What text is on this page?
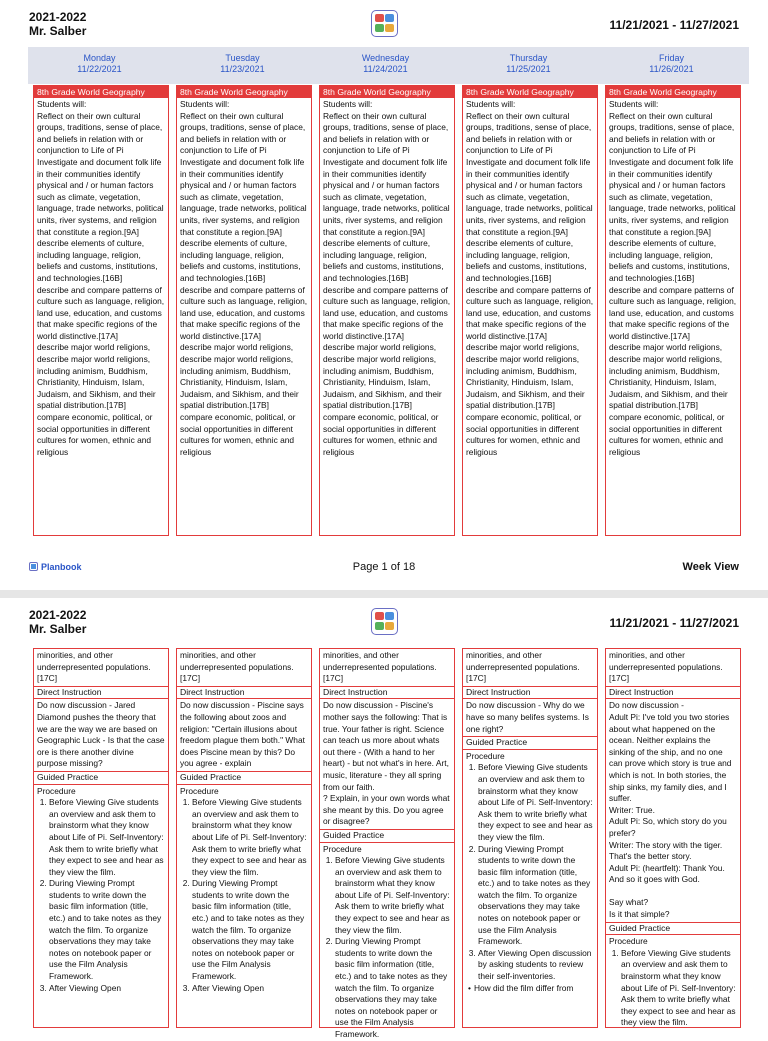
2021-2022
Mr. Salber	11/21/2021 - 11/27/2021
Monday
11/22/2021
Tuesday
11/23/2021
Wednesday
11/24/2021
Thursday
11/25/2021
Friday
11/26/2021
8th Grade World Geography
Students will:
Reflect on their own cultural groups, traditions, sense of place, and beliefs in relation with or conjunction to Life of Pi
Investigate and document folk life in their communities identify physical and / or human factors such as climate, vegetation, language, trade networks, political units, river systems, and religion that constitute a region.[9A]
describe elements of culture, including language, religion, beliefs and customs, institutions, and technologies.[16B]
describe and compare patterns of culture such as language, religion, land use, education, and customs that make specific regions of the world distinctive.[17A]
describe major world religions, describe major world religions, including animism, Buddhism, Christianity, Hinduism, Islam, Judaism, and Sikhism, and their spatial distribution.[17B]
compare economic, political, or social opportunities in different cultures for women, ethnic and religious
8th Grade World Geography
Students will:
Reflect on their own cultural groups, traditions, sense of place, and beliefs in relation with or conjunction to Life of Pi
Investigate and document folk life in their communities identify physical and / or human factors such as climate, vegetation, language, trade networks, political units, river systems, and religion that constitute a region.[9A]
describe elements of culture, including language, religion, beliefs and customs, institutions, and technologies.[16B]
describe and compare patterns of culture such as language, religion, land use, education, and customs that make specific regions of the world distinctive.[17A]
describe major world religions, describe major world religions, including animism, Buddhism, Christianity, Hinduism, Islam, Judaism, and Sikhism, and their spatial distribution.[17B]
compare economic, political, or social opportunities in different cultures for women, ethnic and religious
8th Grade World Geography
Students will:
Reflect on their own cultural groups, traditions, sense of place, and beliefs in relation with or conjunction to Life of Pi
Investigate and document folk life in their communities identify physical and / or human factors such as climate, vegetation, language, trade networks, political units, river systems, and religion that constitute a region.[9A]
describe elements of culture, including language, religion, beliefs and customs, institutions, and technologies.[16B]
describe and compare patterns of culture such as language, religion, land use, education, and customs that make specific regions of the world distinctive.[17A]
describe major world religions, describe major world religions, including animism, Buddhism, Christianity, Hinduism, Islam, Judaism, and Sikhism, and their spatial distribution.[17B]
compare economic, political, or social opportunities in different cultures for women, ethnic and religious
8th Grade World Geography
Students will:
Reflect on their own cultural groups, traditions, sense of place, and beliefs in relation with or conjunction to Life of Pi
Investigate and document folk life in their communities identify physical and / or human factors such as climate, vegetation, language, trade networks, political units, river systems, and religion that constitute a region.[9A]
describe elements of culture, including language, religion, beliefs and customs, institutions, and technologies.[16B]
describe and compare patterns of culture such as language, religion, land use, education, and customs that make specific regions of the world distinctive.[17A]
describe major world religions, describe major world religions, including animism, Buddhism, Christianity, Hinduism, Islam, Judaism, and Sikhism, and their spatial distribution.[17B]
compare economic, political, or social opportunities in different cultures for women, ethnic and religious
8th Grade World Geography
Students will:
Reflect on their own cultural groups, traditions, sense of place, and beliefs in relation with or conjunction to Life of Pi
Investigate and document folk life in their communities identify physical and / or human factors such as climate, vegetation, language, trade networks, political units, river systems, and religion that constitute a region.[9A]
describe elements of culture, including language, religion, beliefs and customs, institutions, and technologies.[16B]
describe and compare patterns of culture such as language, religion, land use, education, and customs that make specific regions of the world distinctive.[17A]
describe major world religions, describe major world religions, including animism, Buddhism, Christianity, Hinduism, Islam, Judaism, and Sikhism, and their spatial distribution.[17B]
compare economic, political, or social opportunities in different cultures for women, ethnic and religious
Planbook	Page 1 of 18	Week View
2021-2022
Mr. Salber	11/21/2021 - 11/27/2021
minorities, and other underrepresented populations.[17C]
Direct Instruction
Do now discussion - Jared Diamond pushes the theory that we are the way we are based on Geographic Luck - Is that the case ore is there another divine purpose missing?
Guided Practice
Procedure
1. Before Viewing Give students an overview and ask them to brainstorm what they know about Life of Pi. Self-Inventory: Ask them to write briefly what they expect to see and hear as they view the film.
2. During Viewing Prompt students to write down the basic film information (title, etc.) and to take notes as they watch the film. To organize observations they may take notes on notebook paper or use the Film Analysis Framework.
3. After Viewing Open
minorities, and other underrepresented populations.[17C]
Direct Instruction
Do now discussion - Piscine says the following about zoos and religion: "Certain illusions about freedom plague them both." What does Piscine mean by this? Do you agree - explain
Guided Practice
Procedure
1. Before Viewing Give students an overview and ask them to brainstorm what they know about Life of Pi. Self-Inventory: Ask them to write briefly what they expect to see and hear as they view the film.
2. During Viewing Prompt students to write down the basic film information (title, etc.) and to take notes as they watch the film. To organize observations they may take notes on notebook paper or use the Film Analysis Framework.
3. After Viewing Open
minorities, and other underrepresented populations.[17C]
Direct Instruction
Do now discussion - Piscine's mother says the following: That is true. Your father is right. Science can teach us more about whats out there - (With a hand to her heart) - but not what's in here. Art, music, literature - they all spring from our faith.
? Explain, in your own words what she meant by this. Do you agree or disagree?
Guided Practice
Procedure
1. Before Viewing Give students an overview and ask them to brainstorm what they know about Life of Pi. Self-Inventory: Ask them to write briefly what they expect to see and hear as they view the film.
2. During Viewing Prompt students to write down the basic film information (title, etc.) and to take notes as they watch the film. To organize observations they may take notes on notebook paper or use the Film Analysis Framework.
minorities, and other underrepresented populations.[17C]
Direct Instruction
Do now discussion - Why do we have so many belifes systems. Is one right?
Guided Practice
Procedure
1. Before Viewing Give students an overview and ask them to brainstorm what they know about Life of Pi. Self-Inventory: Ask them to write briefly what they expect to see and hear as they view the film.
2. During Viewing Prompt students to write down the basic film information (title, etc.) and to take notes as they watch the film. To organize observations they may take notes on notebook paper or use the Film Analysis Framework.
3. After Viewing Open discussion by asking students to review their self-inventories.
• How did the film differ from
minorities, and other underrepresented populations.[17C]
Direct Instruction
Do now discussion -
Adult Pi: I've told you two stories about what happened on the ocean. Neither explains the sinking of the ship, and no one
can prove which story is true and which is not. In both stories, the ship sinks, my family dies, and I suffer.
Writer: True.
Adult Pi: So, which story do you prefer?
Writer: The story with the tiger. That's the better story.
Adult Pi: (heartfelt): Thank You. And so it goes with God.

Say what?
Is it that simple?
Guided Practice
Procedure
1. Before Viewing Give students an overview and ask them to brainstorm what they know about Life of Pi. Self-Inventory: Ask them to write briefly what they expect to see and hear as they view the film.
